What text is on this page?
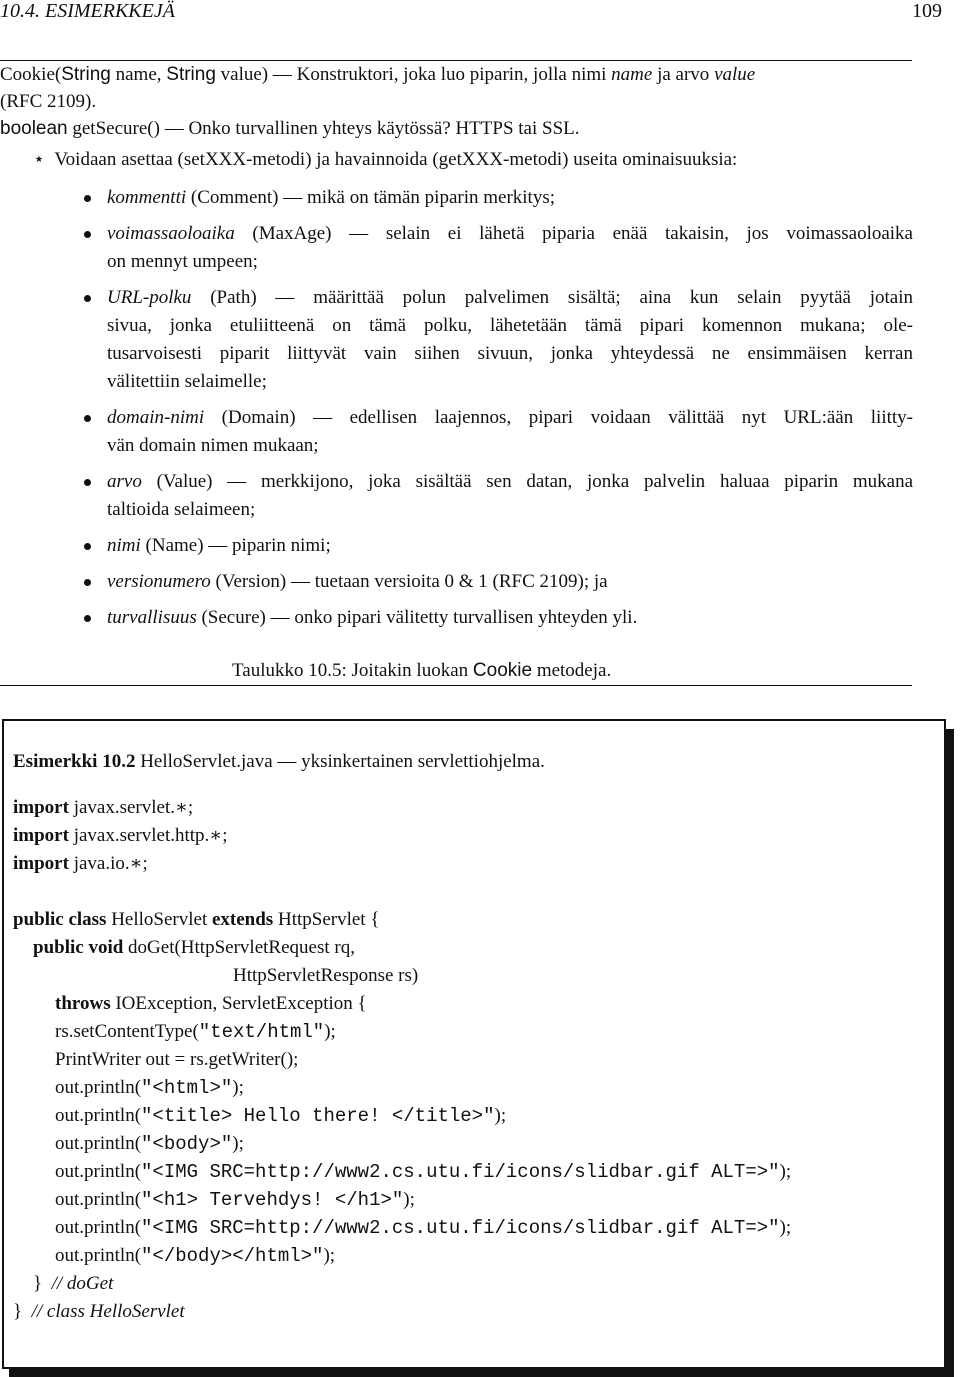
10.4. ESIMERKKEJÄ	109
Cookie(String name, String value) — Konstruktori, joka luo piparin, jolla nimi name ja arvo value
(RFC 2109).
boolean getSecure() — Onko turvallinen yhteys käytössä? HTTPS tai SSL.
⋆ Voidaan asettaa (setXXX-metodi) ja havainnoida (getXXX-metodi) useita ominaisuuksia:
kommentti (Comment) — mikä on tämän piparin merkitys;
voimassaoloaika (MaxAge) — selain ei lähetä piparia enää takaisin, jos voimassaoloaika
on mennyt umpeen;
URL-polku (Path) — määrittää polun palvelimen sisältä; aina kun selain pyytää jotain
sivua, jonka etuliitteenä on tämä polku, lähetetään tämä pipari komennon mukana; ole-
tusarvoisesti piparit liittyvät vain siihen sivuun, jonka yhteydessä ne ensimmäisen kerran
välitettiin selaimelle;
domain-nimi (Domain) — edellisen laajennos, pipari voidaan välittää nyt URL:ään liitty-
vän domain nimen mukaan;
arvo (Value) — merkkijono, joka sisältää sen datan, jonka palvelin haluaa piparin mukana
taltioida selaimeen;
nimi (Name) — piparin nimi;
versionumero (Version) — tuetaan versioita 0 & 1 (RFC 2109); ja
turvallisuus (Secure) — onko pipari välitetty turvallisen yhteyden yli.
Taulukko 10.5: Joitakin luokan Cookie metodeja.
Esimerkki 10.2 HelloServlet.java — yksinkertainen servlettiohjelma.
import javax.servlet.∗;
import javax.servlet.http.∗;
import java.io.∗;
public class HelloServlet extends HttpServlet {
public void doGet(HttpServletRequest rq,
HttpServletResponse rs)
throws IOException, ServletException {
rs.setContentType("text/html");
PrintWriter out = rs.getWriter();
out.println("<html>");
out.println("<title> Hello there! </title>");
out.println("<body>");
out.println("<IMG SRC=http://www2.cs.utu.fi/icons/slidbar.gif ALT=>");
out.println("<h1> Tervehdys! </h1>");
out.println("<IMG SRC=http://www2.cs.utu.fi/icons/slidbar.gif ALT=>");
out.println("</body></html>");
} // doGet
} // class HelloServlet
